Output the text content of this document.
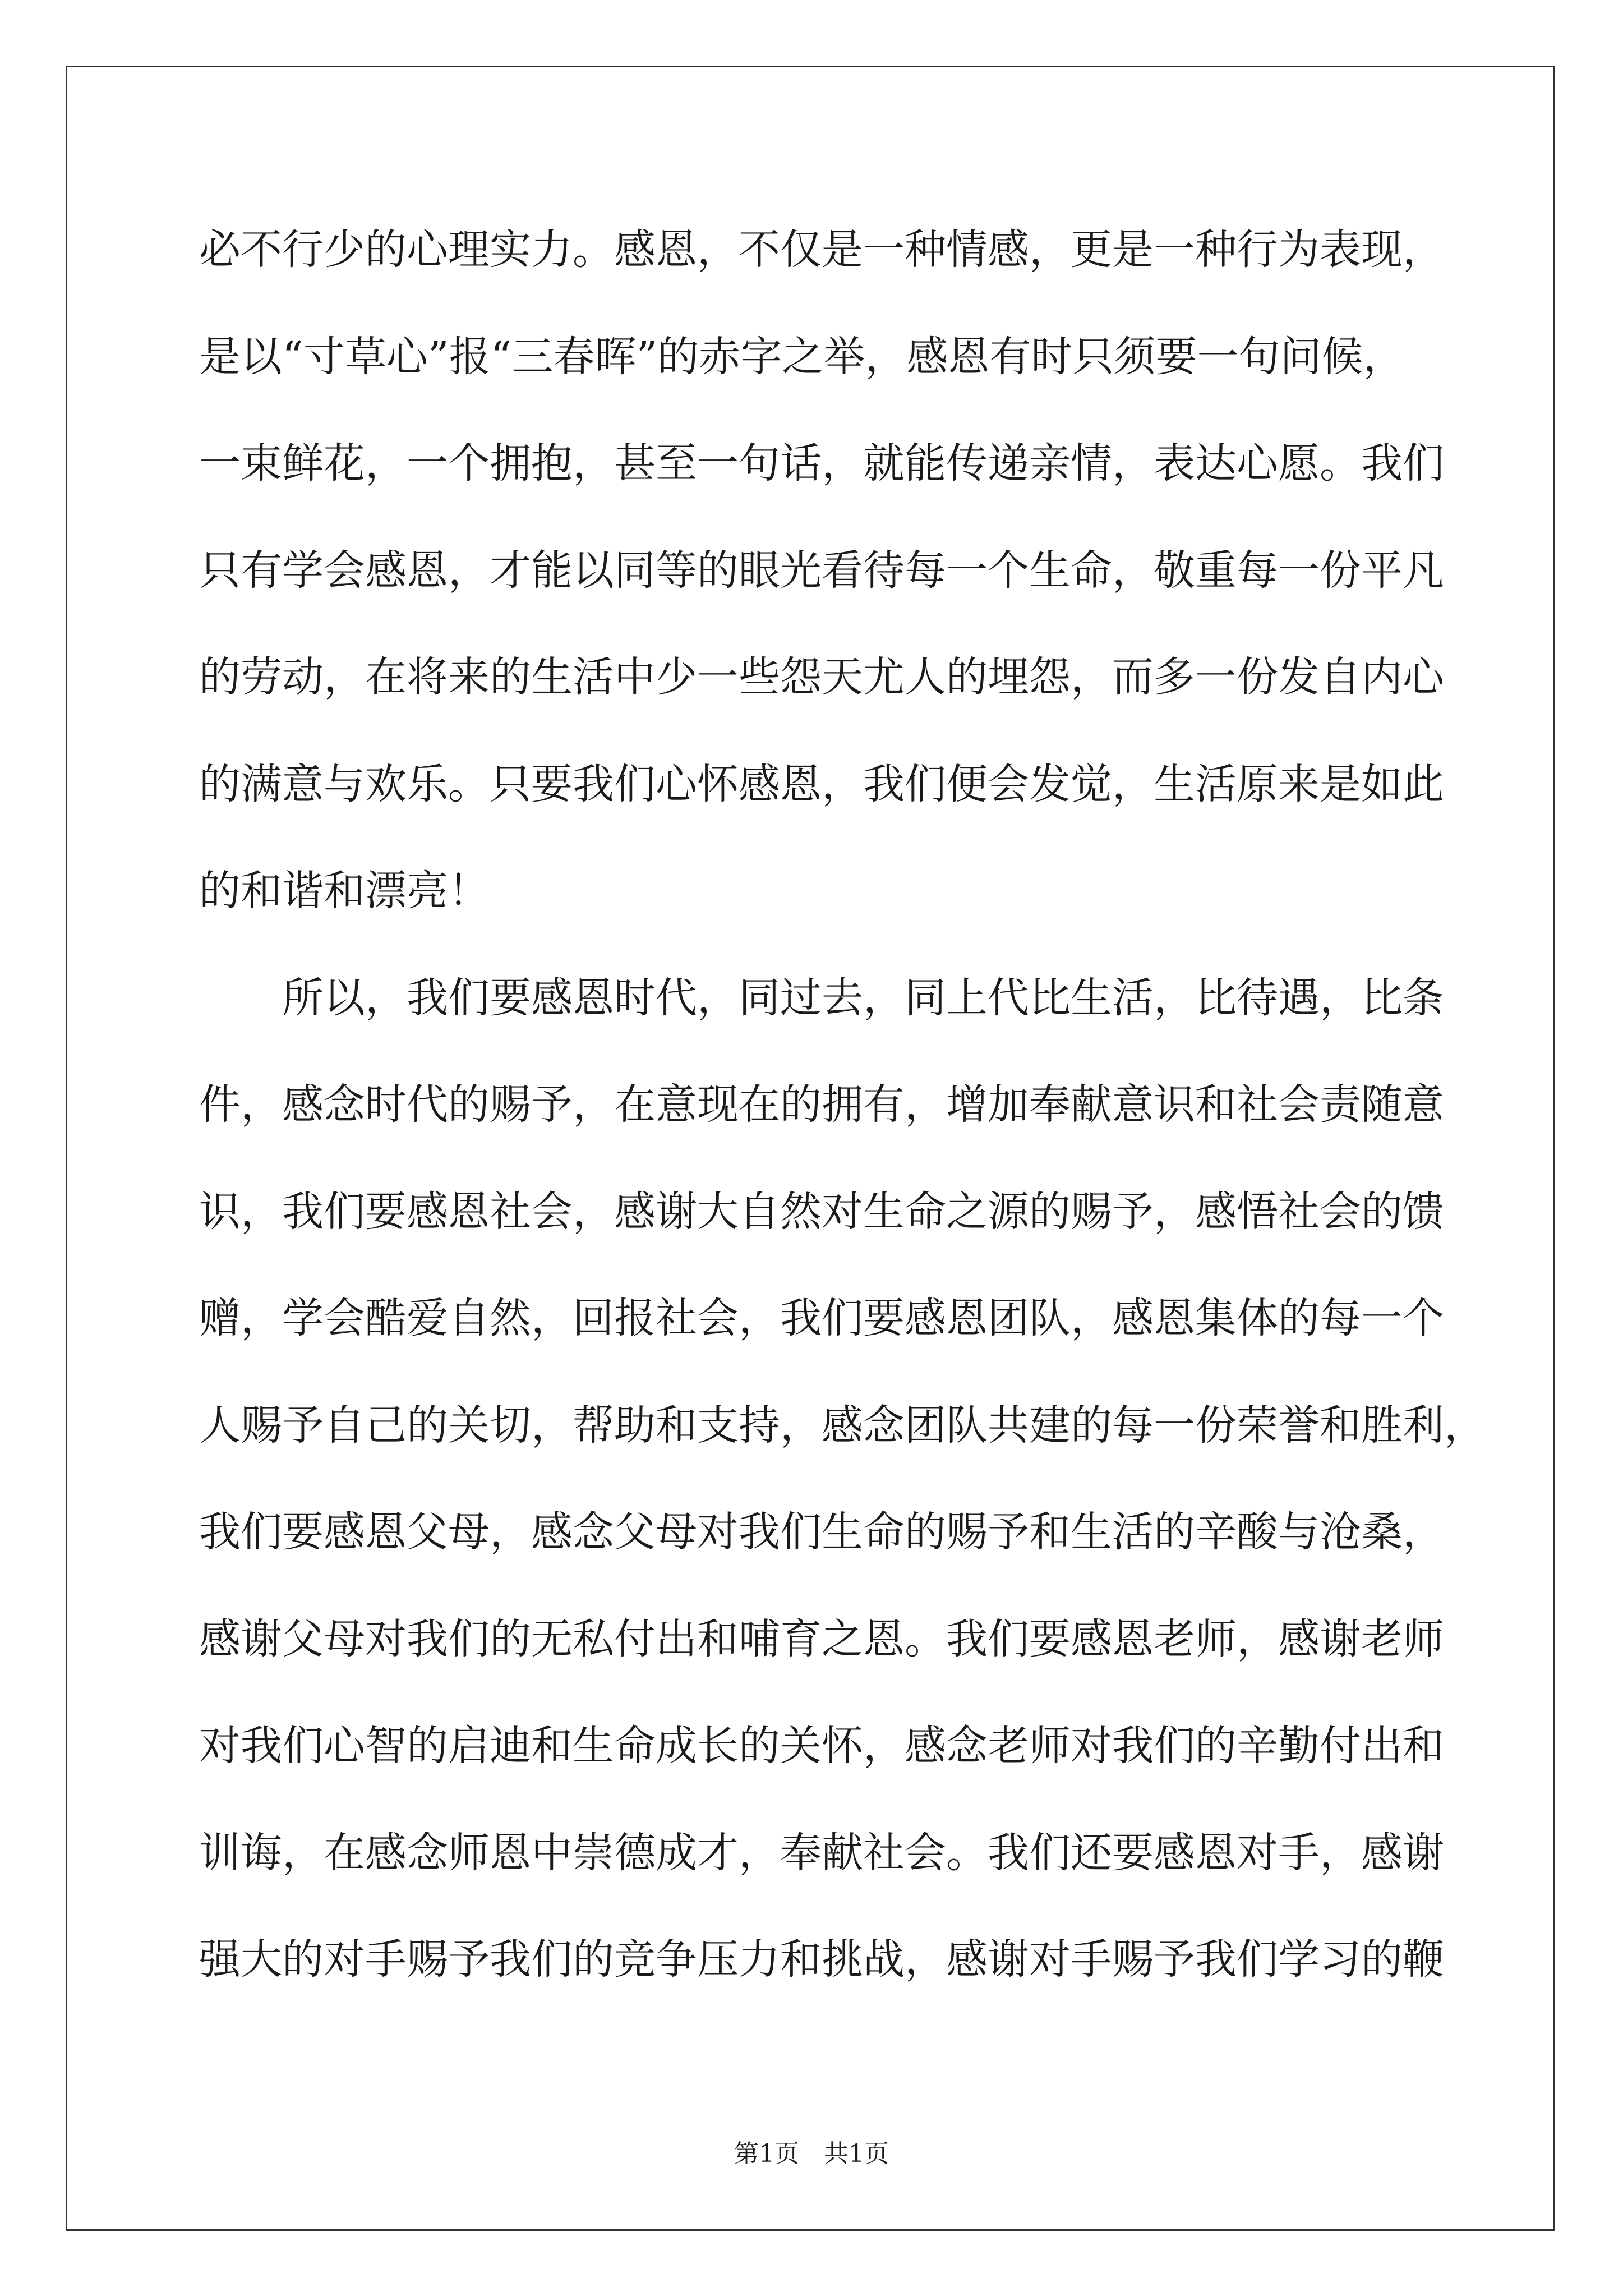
必不行少的心理实力。感恩，不仅是一种情感，更是一种行为表现，
是以“寸草心”报“三春晖”的赤字之举，感恩有时只须要一句问候，
一束鲜花，一个拥抱，甚至一句话，就能传递亲情，表达心愿。我们
只有学会感恩，才能以同等的眼光看待每一个生命，敬重每一份平凡
的劳动，在将来的生活中少一些怨天尤人的埋怨，而多一份发自内心
的满意与欢乐。只要我们心怀感恩，我们便会发觉，生活原来是如此
的和谐和漂亮！
所以，我们要感恩时代，同过去，同上代比生活，比待遇，比条
件，感念时代的赐予，在意现在的拥有，增加奉献意识和社会责随意
识，我们要感恩社会，感谢大自然对生命之源的赐予，感悟社会的馈
赠，学会酷爱自然，回报社会，我们要感恩团队，感恩集体的每一个
人赐予自己的关切，帮助和支持，感念团队共建的每一份荣誉和胜利，
我们要感恩父母，感念父母对我们生命的赐予和生活的辛酸与沧桑，
感谢父母对我们的无私付出和哺育之恩。我们要感恩老师，感谢老师
对我们心智的启迪和生命成长的关怀，感念老师对我们的辛勤付出和
训诲，在感念师恩中崇德成才，奉献社会。我们还要感恩对手，感谢
强大的对手赐予我们的竞争压力和挑战，感谢对手赐予我们学习的鞭
第1页　共1页
